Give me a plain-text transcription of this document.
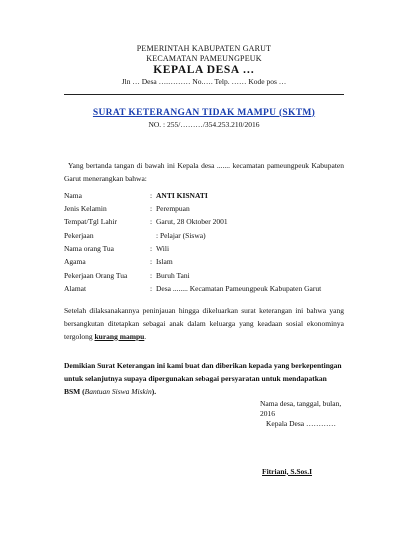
PEMERINTAH KABUPATEN GARUT
KECAMATAN PAMEUNGPEUK
KEPALA DESA …
Jln … Desa ….……… No.…. Telp. …… Kode pos …
SURAT KETERANGAN TIDAK MAMPU (SKTM)
NO. : 255/………/354.253.210/2016
Yang bertanda tangan di bawah ini Kepala desa ....... kecamatan pameungpeuk Kabupaten Garut menerangkan bahwa:
Nama	:	ANTI KISNATI
Jenis Kelamin	:	Perempuan
Tempat/Tgl Lahir	:	Garut, 28 Oktober 2001
Pekerjaan		: Pelajar (Siswa)
Nama orang Tua	:	Wili
Agama	:	Islam
Pekerjaan Orang Tua	:	Buruh Tani
Alamat	:	Desa ........ Kecamatan Pameungpeuk Kabupaten Garut
Setelah dilaksanakannya peninjauan hingga dikeluarkan surat keterangan ini bahwa yang bersangkutan ditetapkan sebagai anak dalam keluarga yang keadaan sosial ekonominya tergolong kurang mampu.
Demikian Surat Keterangan ini kami buat dan diberikan kepada yang berkepentingan untuk selanjutnya supaya dipergunakan sebagai persyaratan untuk mendapatkan BSM (Bantuan Siswa Miskin).
Nama desa, tanggal, bulan, 2016
Kepala Desa …………
Fitriani, S.Sos.I
